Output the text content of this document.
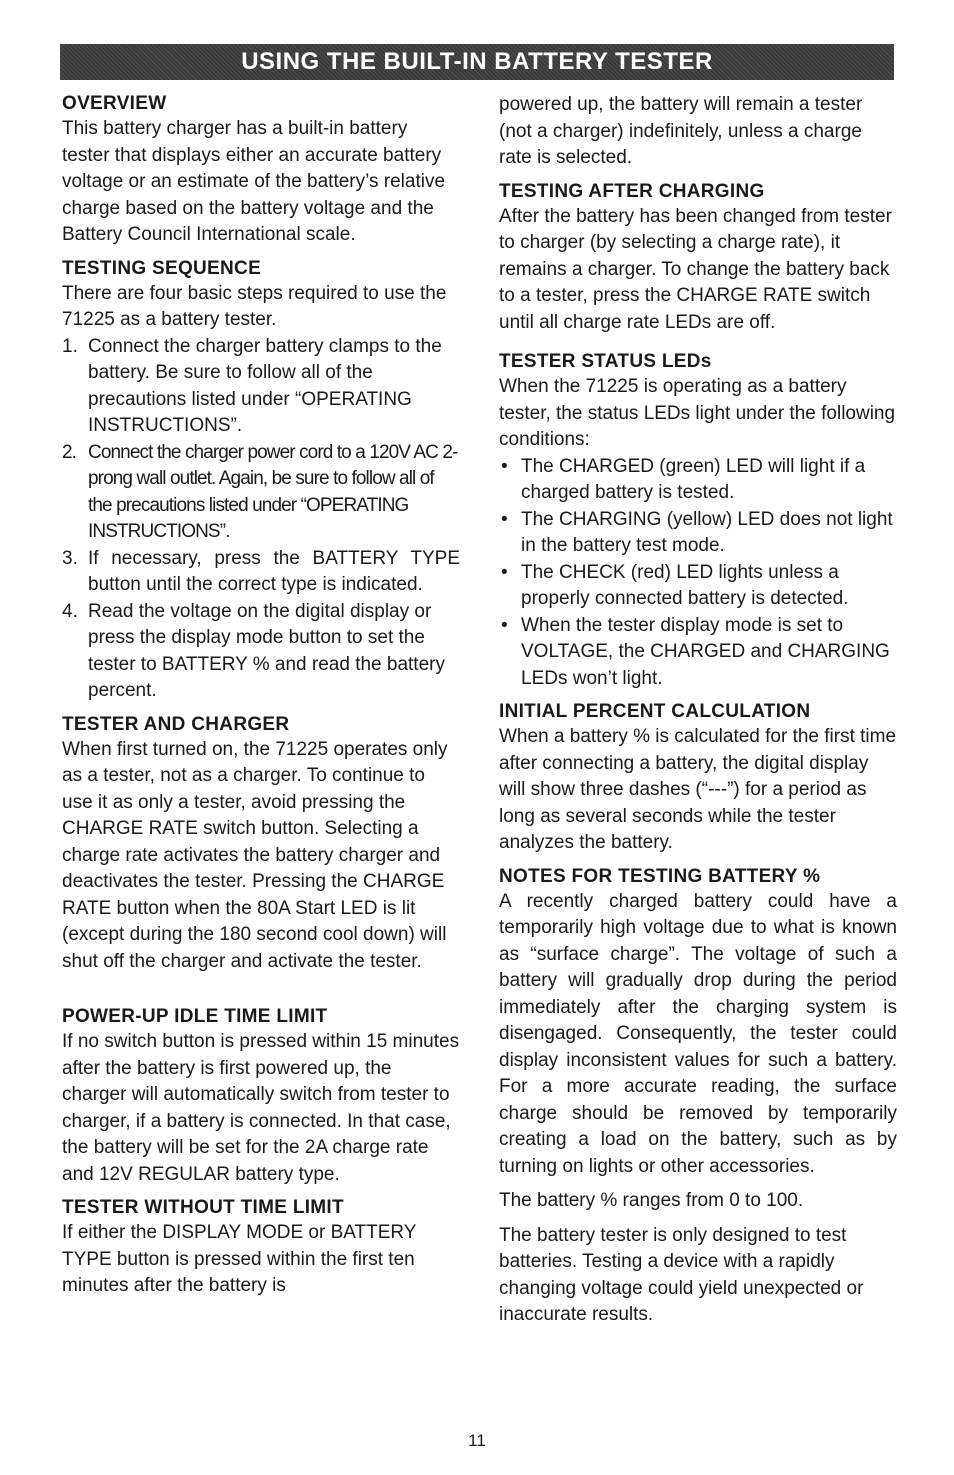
USING THE BUILT-IN BATTERY TESTER
OVERVIEW

This battery charger has a built-in battery tester that displays either an accurate battery voltage or an estimate of the battery’s relative charge based on the battery voltage and the Battery Council International scale.

TESTING SEQUENCE

There are four basic steps required to use the 71225 as a battery tester.

1. Connect the charger battery clamps to the battery. Be sure to follow all of the precautions listed under “OPERATING INSTRUCTIONS”.
2. Connect the charger power cord to a 120V AC 2-prong wall outlet. Again, be sure to follow all of the precautions listed under “OPERATING INSTRUCTIONS”.
3. If necessary, press the BATTERY TYPE button until the correct type is indicated.
4. Read the voltage on the digital display or press the display mode button to set the tester to BATTERY % and read the battery percent.
TESTER AND CHARGER

When first turned on, the 71225 operates only as a tester, not as a charger. To continue to use it as only a tester, avoid pressing the CHARGE RATE switch button. Selecting a charge rate activates the battery charger and deactivates the tester. Pressing the CHARGE RATE button when the 80A Start LED is lit (except during the 180 second cool down) will shut off the charger and activate the tester.

POWER-UP IDLE TIME LIMIT

If no switch button is pressed within 15 minutes after the battery is first powered up, the charger will automatically switch from tester to charger, if a battery is connected. In that case, the battery will be set for the 2A charge rate and 12V REGULAR battery type.

TESTER WITHOUT TIME LIMIT

If either the DISPLAY MODE or BATTERY TYPE button is pressed within the first ten minutes after the battery is

powered up, the battery will remain a tester (not a charger) indefinitely, unless a charge rate is selected.

TESTING AFTER CHARGING

After the battery has been changed from tester to charger (by selecting a charge rate), it remains a charger. To change the battery back to a tester, press the CHARGE RATE switch until all charge rate LEDs are off.

TESTER STATUS LEDs

When the 71225 is operating as a battery tester, the status LEDs light under the following conditions:

• The CHARGED (green) LED will light if a charged battery is tested.
• The CHARGING (yellow) LED does not light in the battery test mode.
• The CHECK (red) LED lights unless a properly connected battery is detected.
• When the tester display mode is set to VOLTAGE, the CHARGED and CHARGING LEDs won’t light.
INITIAL PERCENT CALCULATION

When a battery % is calculated for the first time after connecting a battery, the digital display will show three dashes (“---”) for a period as long as several seconds while the tester analyzes the battery.

NOTES FOR TESTING BATTERY %

A recently charged battery could have a temporarily high voltage due to what is known as “surface charge”. The voltage of such a battery will gradually drop during the period immediately after the charging system is disengaged. Consequently, the tester could display inconsistent values for such a battery. For a more accurate reading, the surface charge should be removed by temporarily creating a load on the battery, such as by turning on lights or other accessories.

The battery % ranges from 0 to 100.

The battery tester is only designed to test batteries. Testing a device with a rapidly changing voltage could yield unexpected or inaccurate results.

11
